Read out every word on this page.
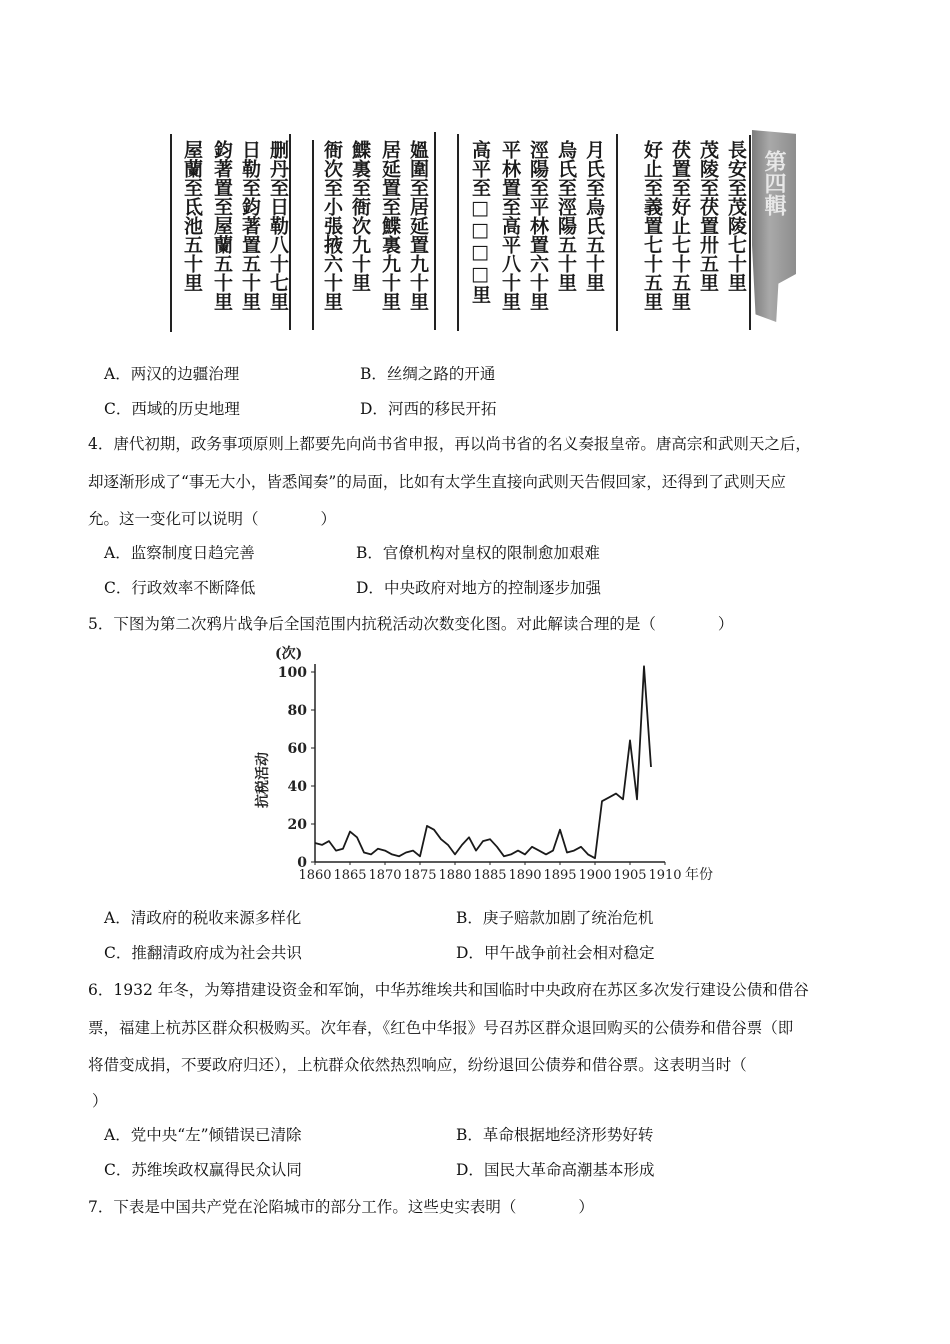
長安至茂陵七十里
茂陵至茯置卅五里
茯置至好止七十五里
好止至義置七十五里
月氏至烏氏五十里
烏氏至涇陽五十里
涇陽至平林置六十里
平林置至高平八十里
高平至□□□□里
媼圍至居延置九十里
居延置至鰈裏九十里
鰈裏至衙次九十里
衙次至小張掖六十里
删丹至日勒八十七里
日勒至鈞著置五十里
鈞著置至屋蘭五十里
屋蘭至氐池五十里	第四輯
A．两汉的边疆治理	B．丝绸之路的开通
C．西域的历史地理	D．河西的移民开拓
4．唐代初期，政务事项原则上都要先向尚书省申报，再以尚书省的名义奏报皇帝。唐高宗和武则天之后，
却逐渐形成了“事无大小，皆悉闻奏”的局面，比如有太学生直接向武则天告假回家，还得到了武则天应
允。这一变化可以说明（　　　　）
A．监察制度日趋完善	B．官僚机构对皇权的限制愈加艰难
C．行政效率不断降低	D．中央政府对地方的控制逐步加强
5．下图为第二次鸦片战争后全国范围内抗税活动次数变化图。对此解读合理的是（　　　　）
(次)
抗税活动
年份
0
20
40
60
80
100
1860 1865 1870 1875 1880 1885 1890 1895 1900 1905 1910
A．清政府的税收来源多样化	B．庚子赔款加剧了统治危机
C．推翻清政府成为社会共识	D．甲午战争前社会相对稳定
6．1932 年冬，为筹措建设资金和军饷，中华苏维埃共和国临时中央政府在苏区多次发行建设公债和借谷
票，福建上杭苏区群众积极购买。次年春，《红色中华报》号召苏区群众退回购买的公债券和借谷票（即
将借变成捐，不要政府归还），上杭群众依然热烈响应，纷纷退回公债券和借谷票。这表明当时（
）
A．党中央“左”倾错误已清除	B．革命根据地经济形势好转
C．苏维埃政权赢得民众认同	D．国民大革命高潮基本形成
7．下表是中国共产党在沦陷城市的部分工作。这些史实表明（　　　　）
